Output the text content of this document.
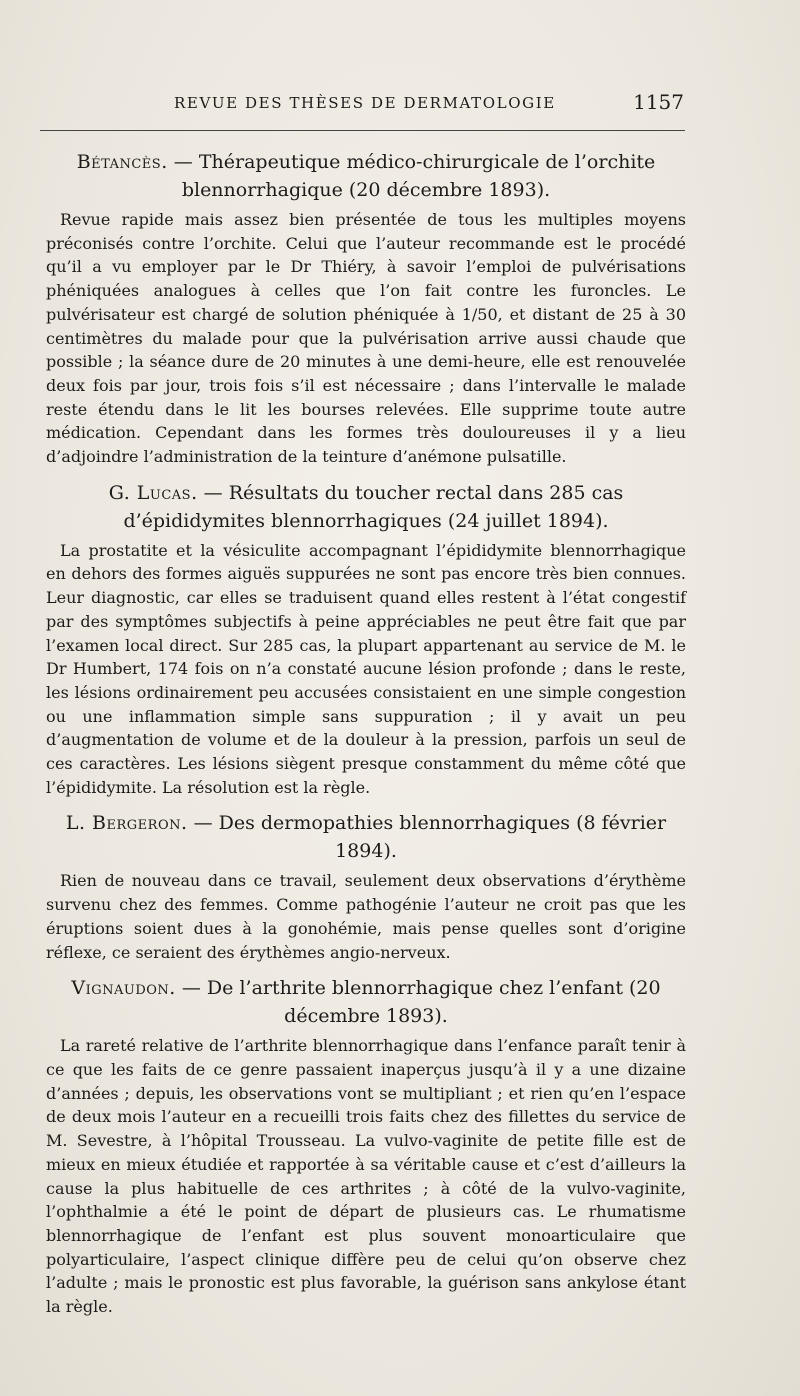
REVUE DES THÈSES DE DERMATOLOGIE	1157

Bétancès. — Thérapeutique médico-chirurgicale de l’orchite blennorrhagique (20 décembre 1893).

Revue rapide mais assez bien présentée de tous les multiples moyens préconisés contre l’orchite. Celui que l’auteur recommande est le procédé qu’il a vu employer par le Dr Thiéry, à savoir l’emploi de pulvérisations phéniquées analogues à celles que l’on fait contre les furoncles. Le pulvérisateur est chargé de solution phéniquée à 1/50, et distant de 25 à 30 centimètres du malade pour que la pulvérisation arrive aussi chaude que possible ; la séance dure de 20 minutes à une demi-heure, elle est renouvelée deux fois par jour, trois fois s’il est nécessaire ; dans l’intervalle le malade reste étendu dans le lit les bourses relevées. Elle supprime toute autre médication. Cependant dans les formes très douloureuses il y a lieu d’adjoindre l’administration de la teinture d’anémone pulsatille.

G. Lucas. — Résultats du toucher rectal dans 285 cas d’épididymites blennorrhagiques (24 juillet 1894).

La prostatite et la vésiculite accompagnant l’épididymite blennorrhagique en dehors des formes aiguës suppurées ne sont pas encore très bien connues. Leur diagnostic, car elles se traduisent quand elles restent à l’état congestif par des symptômes subjectifs à peine appréciables ne peut être fait que par l’examen local direct. Sur 285 cas, la plupart appartenant au service de M. le Dr Humbert, 174 fois on n’a constaté aucune lésion profonde ; dans le reste, les lésions ordinairement peu accusées consistaient en une simple congestion ou une inflammation simple sans suppuration ; il y avait un peu d’augmentation de volume et de la douleur à la pression, parfois un seul de ces caractères. Les lésions siègent presque constamment du même côté que l’épididymite. La résolution est la règle.

L. Bergeron. — Des dermopathies blennorrhagiques (8 février 1894).

Rien de nouveau dans ce travail, seulement deux observations d’érythème survenu chez des femmes. Comme pathogénie l’auteur ne croit pas que les éruptions soient dues à la gonohémie, mais pense quelles sont d’origine réflexe, ce seraient des érythèmes angio-nerveux.

Vignaudon. — De l’arthrite blennorrhagique chez l’enfant (20 décembre 1893).

La rareté relative de l’arthrite blennorrhagique dans l’enfance paraît tenir à ce que les faits de ce genre passaient inaperçus jusqu’à il y a une dizaine d’années ; depuis, les observations vont se multipliant ; et rien qu’en l’espace de deux mois l’auteur en a recueilli trois faits chez des fillettes du service de M. Sevestre, à l’hôpital Trousseau. La vulvo-vaginite de petite fille est de mieux en mieux étudiée et rapportée à sa véritable cause et c’est d’ailleurs la cause la plus habituelle de ces arthrites ; à côté de la vulvo-vaginite, l’ophthalmie a été le point de départ de plusieurs cas. Le rhumatisme blennorrhagique de l’enfant est plus souvent monoarticulaire que polyarticulaire, l’aspect clinique diffère peu de celui qu’on observe chez l’adulte ; mais le pronostic est plus favorable, la guérison sans ankylose étant la règle.
